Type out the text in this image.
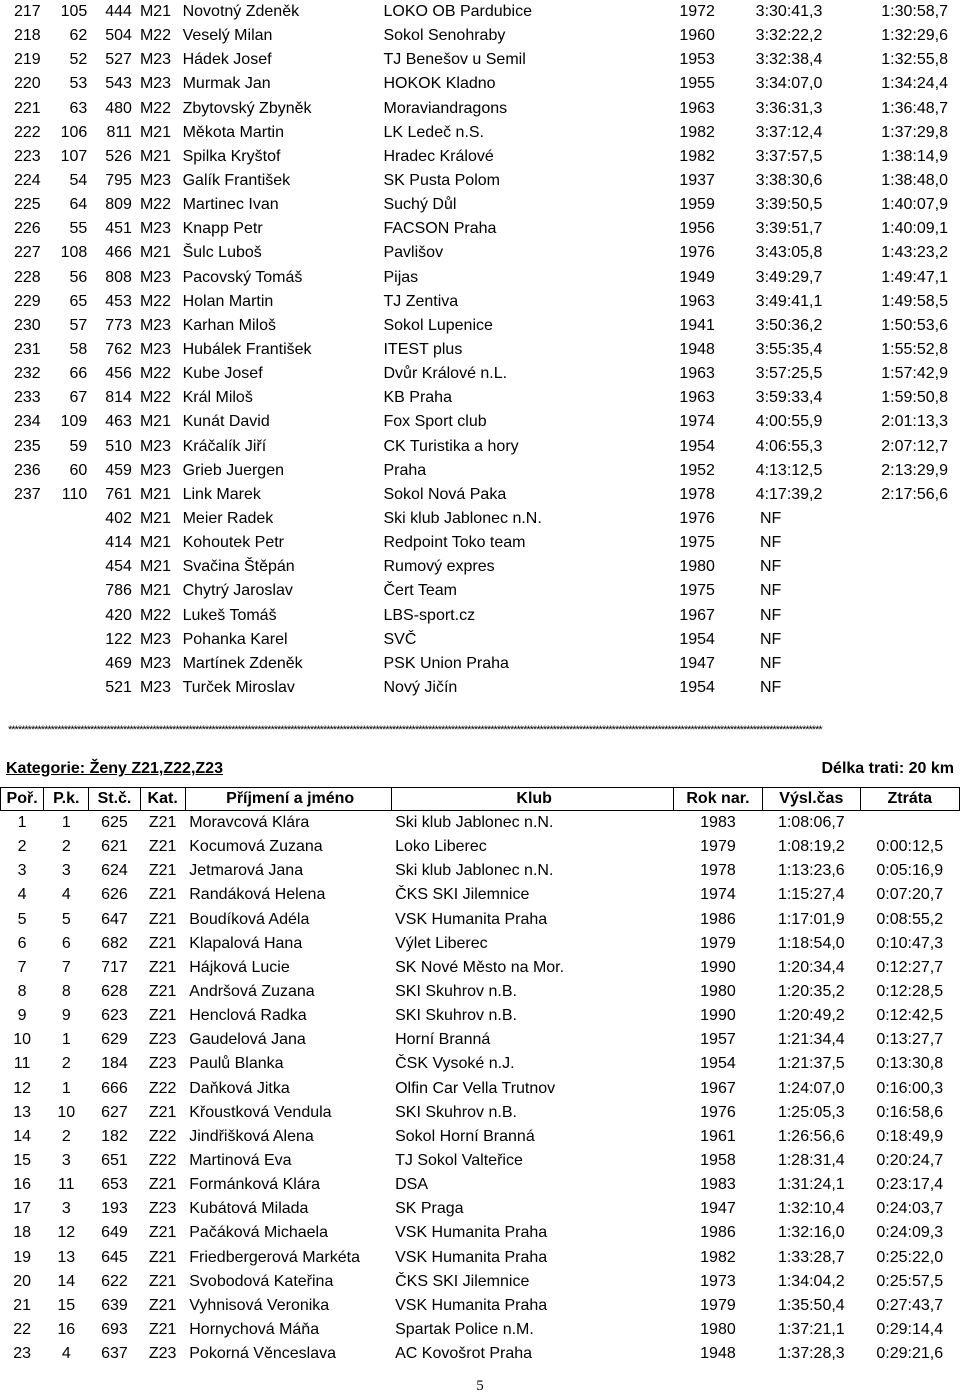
217	105	444	M21	Novotný Zdeněk	LOKO OB Pardubice	1972	3:30:41,3	1:30:58,7
218	62	504	M22	Veselý Milan	Sokol Senohraby	1960	3:32:22,2	1:32:29,6
219	52	527	M23	Hádek Josef	TJ Benešov u Semil	1953	3:32:38,4	1:32:55,8
220	53	543	M23	Murmak Jan	HOKOK Kladno	1955	3:34:07,0	1:34:24,4
221	63	480	M22	Zbytovský Zbyněk	Moraviandragons	1963	3:36:31,3	1:36:48,7
222	106	811	M21	Měkota Martin	LK Ledeč n.S.	1982	3:37:12,4	1:37:29,8
223	107	526	M21	Spilka Kryštof	Hradec Králové	1982	3:37:57,5	1:38:14,9
224	54	795	M23	Galík František	SK Pusta Polom	1937	3:38:30,6	1:38:48,0
225	64	809	M22	Martinec Ivan	Suchý Důl	1959	3:39:50,5	1:40:07,9
226	55	451	M23	Knapp Petr	FACSON Praha	1956	3:39:51,7	1:40:09,1
227	108	466	M21	Šulc Luboš	Pavlišov	1976	3:43:05,8	1:43:23,2
228	56	808	M23	Pacovský Tomáš	Pijas	1949	3:49:29,7	1:49:47,1
229	65	453	M22	Holan Martin	TJ Zentiva	1963	3:49:41,1	1:49:58,5
230	57	773	M23	Karhan Miloš	Sokol Lupenice	1941	3:50:36,2	1:50:53,6
231	58	762	M23	Hubálek František	ITEST plus	1948	3:55:35,4	1:55:52,8
232	66	456	M22	Kube Josef	Dvůr Králové n.L.	1963	3:57:25,5	1:57:42,9
233	67	814	M22	Král Miloš	KB Praha	1963	3:59:33,4	1:59:50,8
234	109	463	M21	Kunát David	Fox Sport club	1974	4:00:55,9	2:01:13,3
235	59	510	M23	Kráčalík Jiří	CK Turistika a hory	1954	4:06:55,3	2:07:12,7
236	60	459	M23	Grieb Juergen	Praha	1952	4:13:12,5	2:13:29,9
237	110	761	M21	Link Marek	Sokol Nová Paka	1978	4:17:39,2	2:17:56,6
		402	M21	Meier Radek	Ski klub Jablonec n.N.	1976	NF	
		414	M21	Kohoutek Petr	Redpoint Toko team	1975	NF	
		454	M21	Svačina Štěpán	Rumový expres	1980	NF	
		786	M21	Chytrý Jaroslav	Čert Team	1975	NF	
		420	M22	Lukeš Tomáš	LBS-sport.cz	1967	NF	
		122	M23	Pohanka Karel	SVČ	1954	NF	
		469	M23	Martínek Zdeněk	PSK Union Praha	1947	NF	
		521	M23	Turček Miroslav	Nový Jičín	1954	NF	
********************************************************************************************************************************************************************************************************************************************************
Kategorie: Ženy Z21,Z22,Z23	Délka trati: 20 km
Poř.	P.k.	St.č.	Kat.	Příjmení a jméno	Klub	Rok nar.	Výsl.čas	Ztráta
1	1	625	Z21	Moravcová Klára	Ski klub Jablonec n.N.	1983	1:08:06,7	
2	2	621	Z21	Kocumová Zuzana	Loko Liberec	1979	1:08:19,2	0:00:12,5
3	3	624	Z21	Jetmarová Jana	Ski klub Jablonec n.N.	1978	1:13:23,6	0:05:16,9
4	4	626	Z21	Randáková Helena	ČKS SKI Jilemnice	1974	1:15:27,4	0:07:20,7
5	5	647	Z21	Boudíková Adéla	VSK Humanita Praha	1986	1:17:01,9	0:08:55,2
6	6	682	Z21	Klapalová Hana	Výlet Liberec	1979	1:18:54,0	0:10:47,3
7	7	717	Z21	Hájková Lucie	SK Nové Město na Mor.	1990	1:20:34,4	0:12:27,7
8	8	628	Z21	Andršová Zuzana	SKI Skuhrov n.B.	1980	1:20:35,2	0:12:28,5
9	9	623	Z21	Henclová Radka	SKI Skuhrov n.B.	1990	1:20:49,2	0:12:42,5
10	1	629	Z23	Gaudelová Jana	Horní Branná	1957	1:21:34,4	0:13:27,7
11	2	184	Z23	Paulů Blanka	ČSK Vysoké n.J.	1954	1:21:37,5	0:13:30,8
12	1	666	Z22	Daňková Jitka	Olfin Car Vella Trutnov	1967	1:24:07,0	0:16:00,3
13	10	627	Z21	Křoustková Vendula	SKI Skuhrov n.B.	1976	1:25:05,3	0:16:58,6
14	2	182	Z22	Jindřišková Alena	Sokol Horní Branná	1961	1:26:56,6	0:18:49,9
15	3	651	Z22	Martinová Eva	TJ Sokol Valteřice	1958	1:28:31,4	0:20:24,7
16	11	653	Z21	Formánková Klára	DSA	1983	1:31:24,1	0:23:17,4
17	3	193	Z23	Kubátová Milada	SK Praga	1947	1:32:10,4	0:24:03,7
18	12	649	Z21	Pačáková Michaela	VSK Humanita Praha	1986	1:32:16,0	0:24:09,3
19	13	645	Z21	Friedbergerová Markéta	VSK Humanita Praha	1982	1:33:28,7	0:25:22,0
20	14	622	Z21	Svobodová Kateřina	ČKS SKI Jilemnice	1973	1:34:04,2	0:25:57,5
21	15	639	Z21	Vyhnisová Veronika	VSK Humanita Praha	1979	1:35:50,4	0:27:43,7
22	16	693	Z21	Hornychová Máňa	Spartak Police n.M.	1980	1:37:21,1	0:29:14,4
23	4	637	Z23	Pokorná Věnceslava	AC Kovošrot Praha	1948	1:37:28,3	0:29:21,6
5
